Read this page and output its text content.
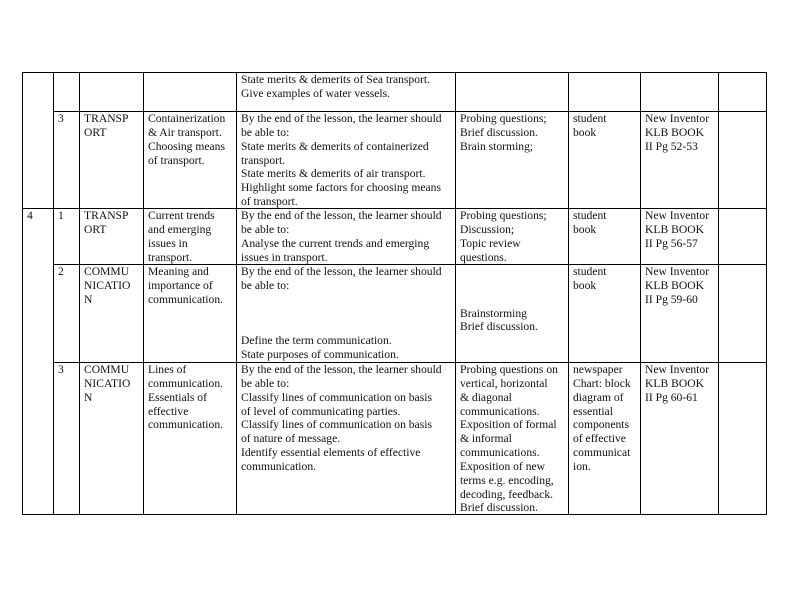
State merits & demerits of Sea transport.
Give examples of water vessels.
3 TRANSP
ORT
Containerization
& Air transport.
Choosing means
of transport.
By the end of the lesson, the learner should
be able to:
State merits & demerits of containerized
transport.
State merits & demerits of air transport.
Highlight some factors for choosing means
of transport.
Probing questions;
Brief discussion.
Brain storming;
student
book
New Inventor
KLB BOOK
II Pg 52-53
4 1 TRANSP
ORT
Current trends
and emerging
issues in
transport.
By the end of the lesson, the learner should
be able to:
Analyse the current trends and emerging
issues in transport.
Probing questions;
Discussion;
Topic review
questions.
student
book
New Inventor
KLB BOOK
II Pg 56-57
2 COMMU
NICATIO
N
Meaning and
importance of
communication.
By the end of the lesson, the learner should
be able to:
Define the term communication.
State purposes of communication.
Brainstorming
Brief discussion.
student
book
New Inventor
KLB BOOK
II Pg 59-60
3 COMMU
NICATIO
N
Lines of
communication.
Essentials of
effective
communication.
By the end of the lesson, the learner should
be able to:
Classify lines of communication on basis
of level of communicating parties.
Classify lines of communication on basis
of nature of message.
Identify essential elements of effective
communication.
Probing questions on
vertical, horizontal
& diagonal
communications.
Exposition of formal
& informal
communications.
Exposition of new
terms e.g. encoding,
decoding, feedback.
Brief discussion.
newspaper
Chart: block
diagram of
essential
components
of effective
communicat
ion.
New Inventor
KLB BOOK
II Pg 60-61
